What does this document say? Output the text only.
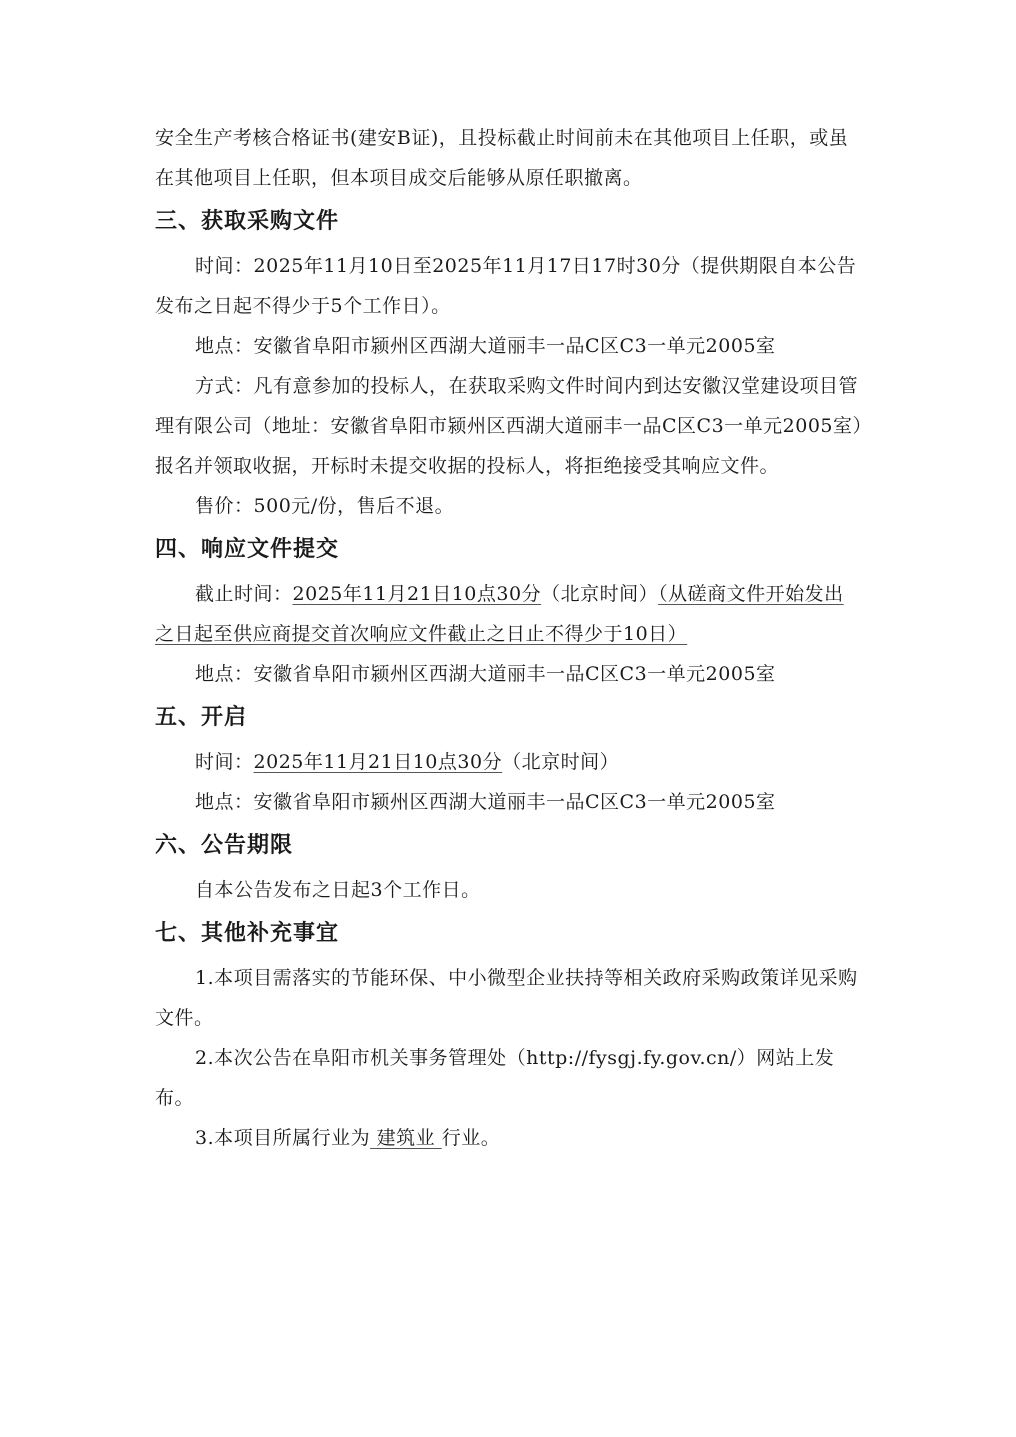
安全生产考核合格证书(建安B证)，且投标截止时间前未在其他项目上任职，或虽在其他项目上任职，但本项目成交后能够从原任职撤离。

三、获取采购文件

时间：2025年11月10日至2025年11月17日17时30分（提供期限自本公告发布之日起不得少于5个工作日）。

地点：安徽省阜阳市颍州区西湖大道丽丰一品C区C3一单元2005室

方式：凡有意参加的投标人，在获取采购文件时间内到达安徽汉堂建设项目管理有限公司（地址：安徽省阜阳市颍州区西湖大道丽丰一品C区C3一单元2005室）报名并领取收据，开标时未提交收据的投标人，将拒绝接受其响应文件。

售价：500元/份，售后不退。

四、响应文件提交

截止时间：2025年11月21日10点30分（北京时间）（从磋商文件开始发出之日起至供应商提交首次响应文件截止之日止不得少于10日）

地点：安徽省阜阳市颍州区西湖大道丽丰一品C区C3一单元2005室

五、开启

时间：2025年11月21日10点30分（北京时间）

地点：安徽省阜阳市颍州区西湖大道丽丰一品C区C3一单元2005室

六、公告期限

自本公告发布之日起3个工作日。

七、其他补充事宜

1.本项目需落实的节能环保、中小微型企业扶持等相关政府采购政策详见采购文件。

2.本次公告在阜阳市机关事务管理处（http://fysgj.fy.gov.cn/）网站上发布。

3.本项目所属行业为 建筑业 行业。
